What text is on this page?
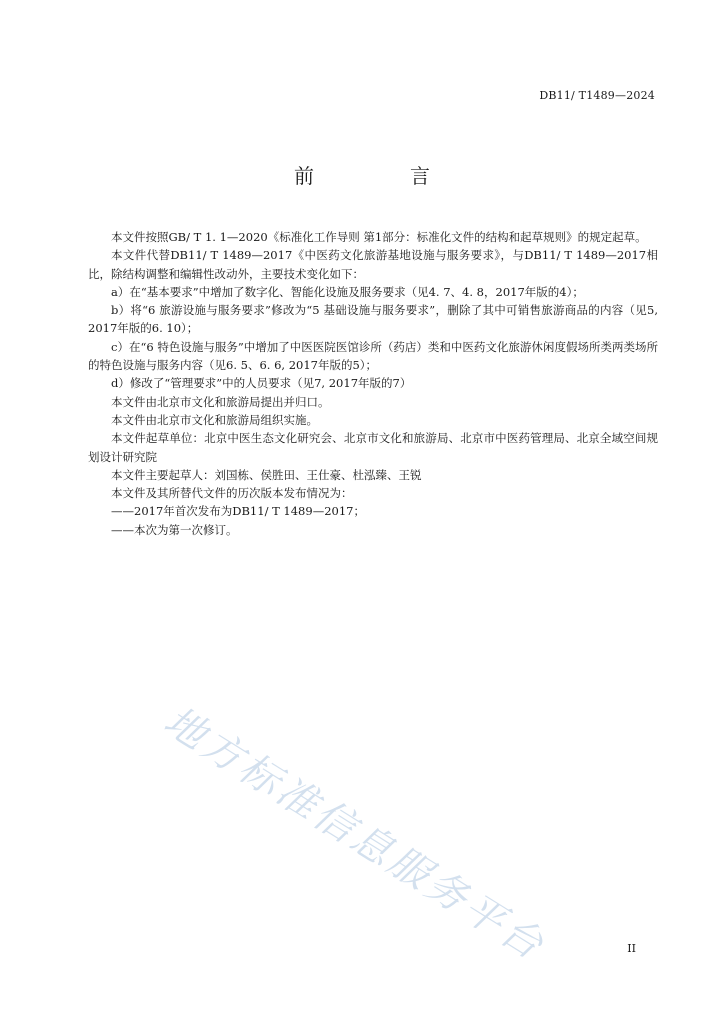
DB11/ T1489—2024
前　言

本文件按照GB/ T 1. 1—2020《标准化工作导则 第1部分：标准化文件的结构和起草规则》的规定起草。

本文件代替DB11/ T 1489—2017《中医药文化旅游基地设施与服务要求》，与DB11/ T 1489—2017相比，除结构调整和编辑性改动外，主要技术变化如下：

a）在“基本要求”中增加了数字化、智能化设施及服务要求（见4. 7、4. 8，2017年版的4）；

b）将“6 旅游设施与服务要求”修改为“5 基础设施与服务要求”，删除了其中可销售旅游商品的内容（见5, 2017年版的6. 10）；

c）在“6 特色设施与服务”中增加了中医医院医馆诊所（药店）类和中医药文化旅游休闲度假场所类两类场所的特色设施与服务内容（见6. 5、6. 6, 2017年版的5）；

d）修改了“管理要求”中的人员要求（见7, 2017年版的7）

本文件由北京市文化和旅游局提出并归口。

本文件由北京市文化和旅游局组织实施。

本文件起草单位：北京中医生态文化研究会、北京市文化和旅游局、北京市中医药管理局、北京全域空间规划设计研究院

本文件主要起草人：刘国栋、侯胜田、王仕豪、杜泓臻、王锐

本文件及其所替代文件的历次版本发布情况为：

——2017年首次发布为DB11/ T 1489—2017；

——本次为第一次修订。

地方标准信息服务平台	II
